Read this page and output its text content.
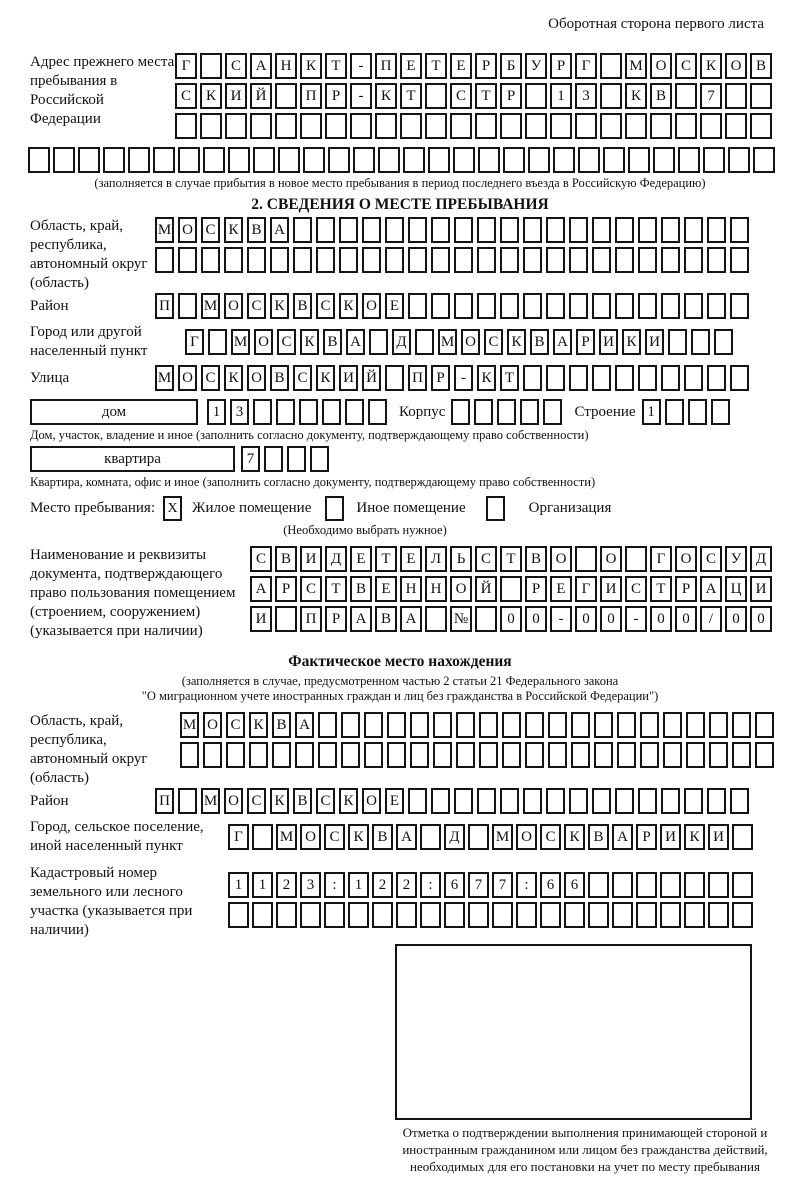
Оборотная сторона первого листа
Адрес прежнего места пребывания в Российской Федерации
Г	С А Н К	Т	-	П Е	Т	Е	Р	Б	У	Р	Г	М О С К О В
С К И Й	П	Р	-	К	Т	С	Т	Р	1	3	К В	7
(заполняется в случае прибытия в новое место пребывания в период последнего въезда в Российскую Федерацию)
2. СВЕДЕНИЯ О МЕСТЕ ПРЕБЫВАНИЯ
Область, край, республика, автономный округ (область)
М О С К В А
Район	П М О С К В С К О Е
Город или другой населенный пункт
Г	М О С К В А Д М О С К В А Р И К И
Улица	М О С К О В С К И Й П Р	-	К Т
дом	1	3	Корпус	Строение 1
Дом, участок, владение и иное (заполнить согласно документу, подтверждающему право собственности)
квартира	7
Квартира, комната, офис и иное (заполнить согласно документу, подтверждающему право собственности)
Место пребывания: X Жилое помещение	Иное помещение	Организация
(Необходимо выбрать нужное)
Наименование и реквизиты документа, подтверждающего право пользования помещением (строением, сооружением) (указывается при наличии)
С В И Д	Е	Т	Е	Л	Ь	С	Т	В О	О	Г	О С У Д
А	Р	С	Т	В	Е	Н Н О Й	Р	Е	Г	И С	Т	Р	А Ц И
И	П	Р	А В А	№	0	0	-	0	0	-	0	0	/	0	0
Фактическое место нахождения
(заполняется в случае, предусмотренном частью 2 статьи 21 Федерального закона
"О миграционном учете иностранных граждан и лиц без гражданства в Российской Федерации")
Область, край, республика, автономный округ (область)
М О С К В А
Район	П М О С К В С К О Е
Город, сельское поселение, иной населенный пункт
Г	М О С К В А	Д	М О С К В А Р И К И
Кадастровый номер земельного или лесного участка (указывается при наличии)
1	1	2	3	:	1	2	2	:	6	7	7	:	6	6
Отметка о подтверждении выполнения принимающей стороной и иностранным гражданином или лицом без гражданства действий, необходимых для его постановки на учет по месту пребывания
